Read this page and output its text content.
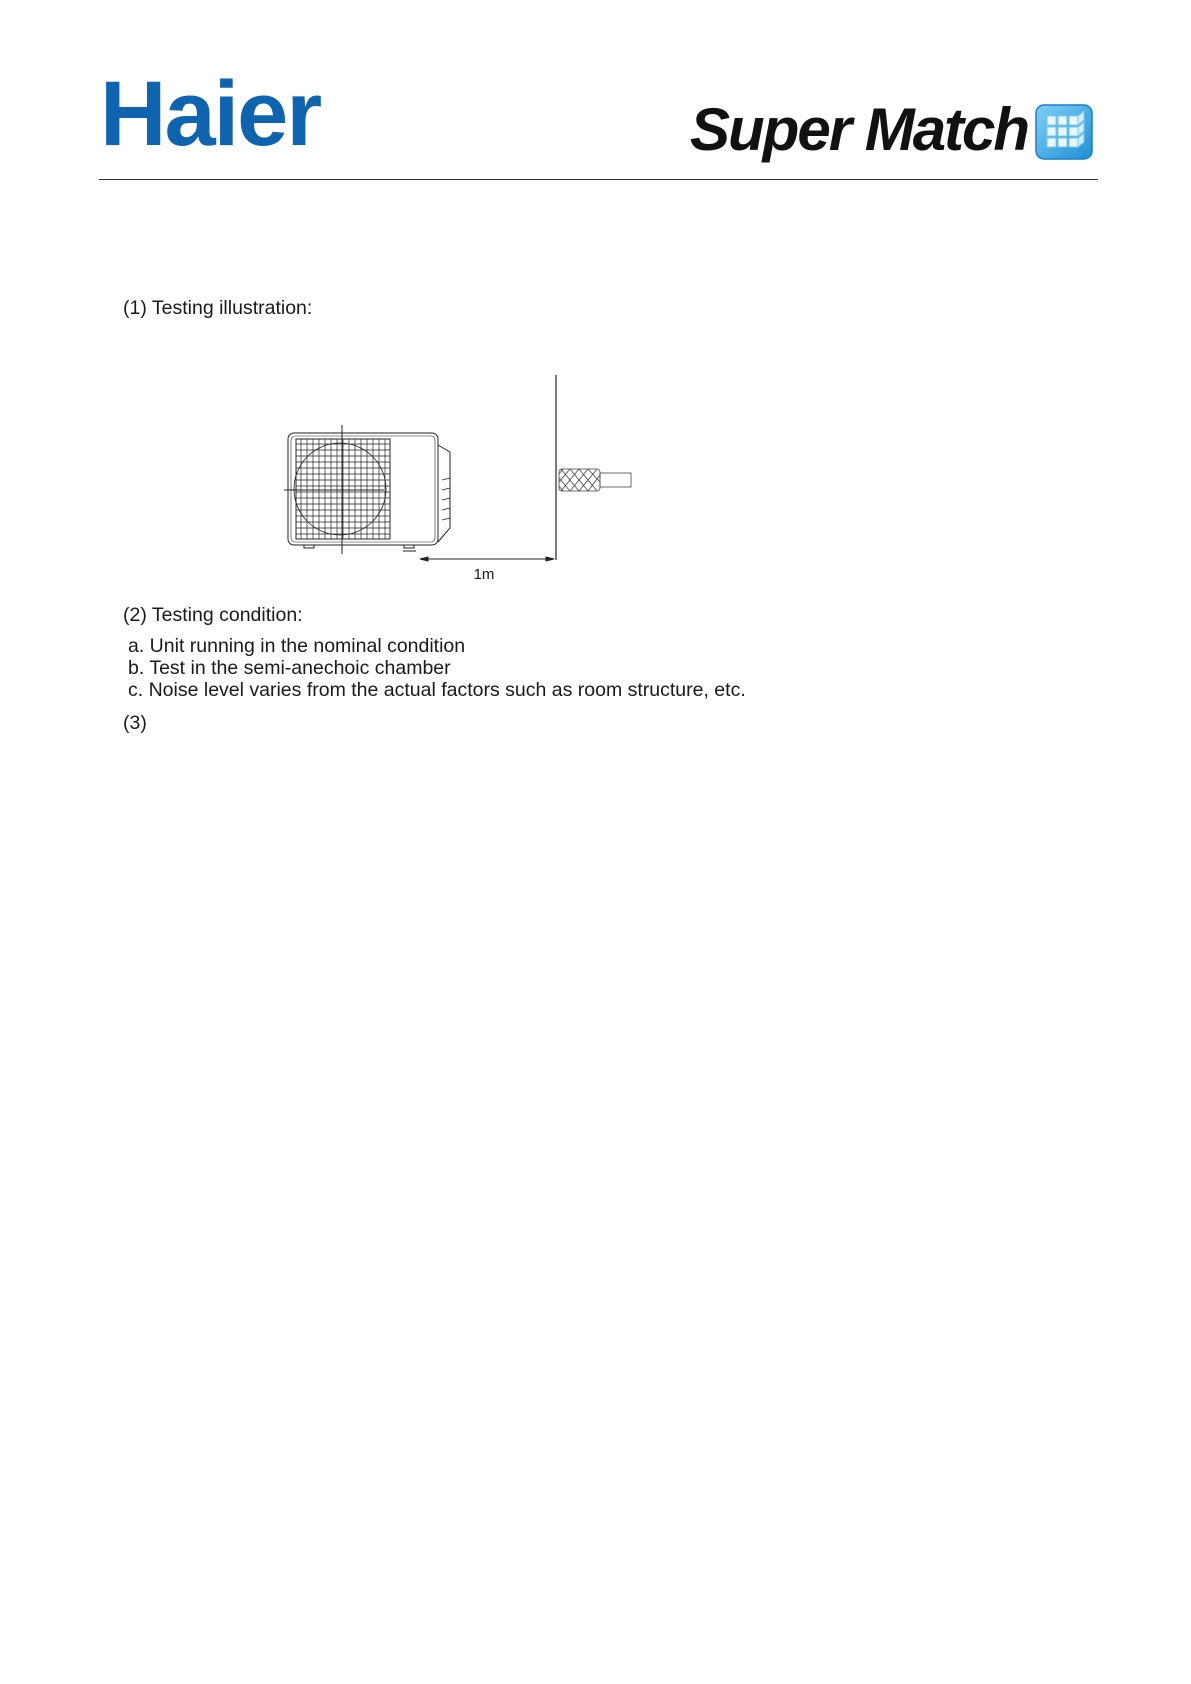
Haier	Super Match
(1) Testing illustration:
1m
(2) Testing condition:
a. Unit running in the nominal condition
b. Test in the semi-anechoic chamber
c. Noise level varies from the actual factors such as room structure, etc.
(3)
